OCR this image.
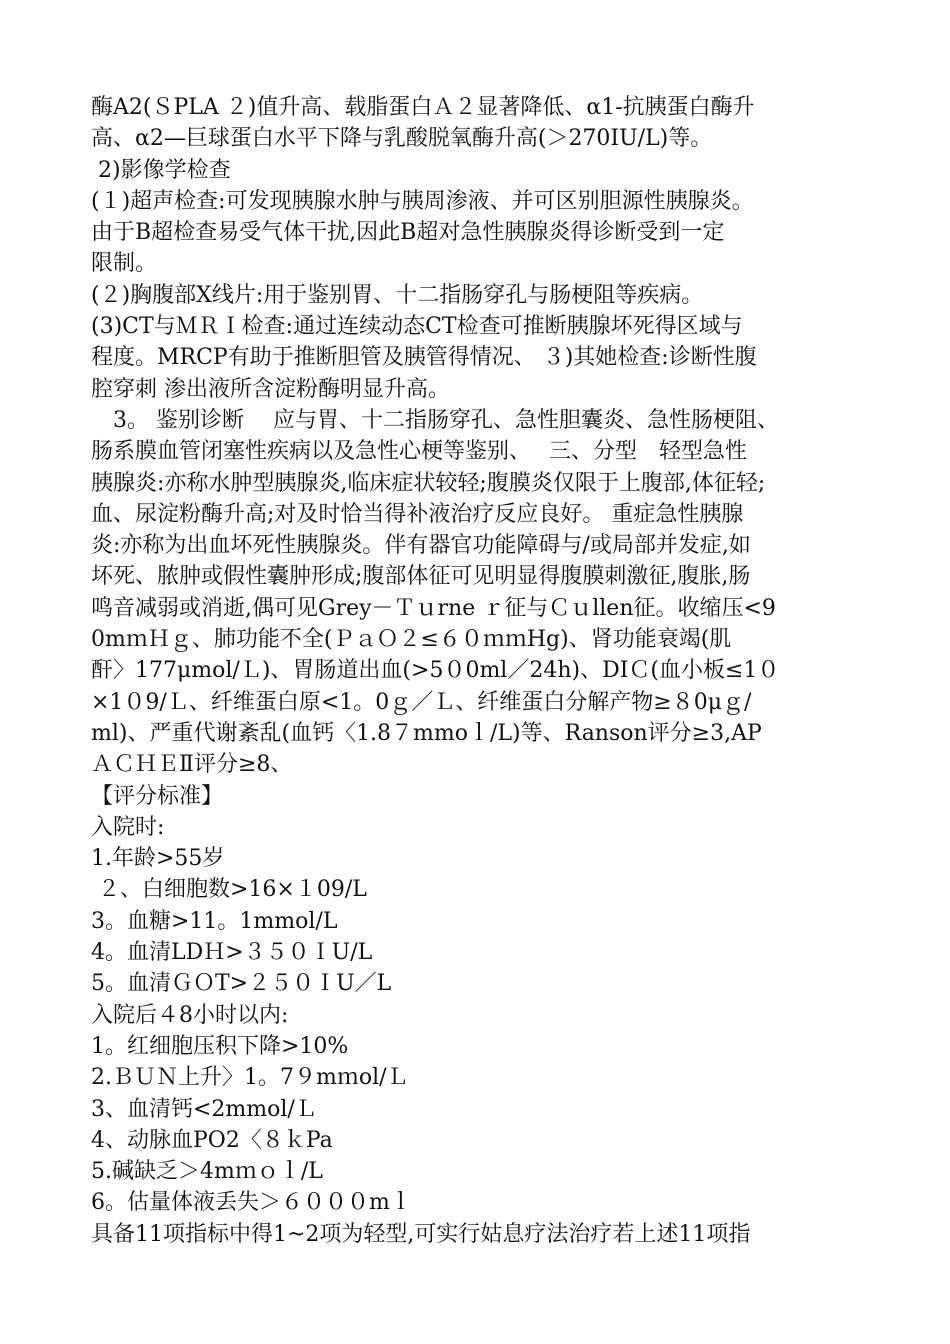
酶A2(ＳPLA ２)值升高、载脂蛋白Ａ２显著降低、α1-抗胰蛋白酶升
高、α2—巨球蛋白水平下降与乳酸脱氧酶升高(＞270IU/L)等。
2)影像学检查
(１)超声检查:可发现胰腺水肿与胰周渗液、并可区别胆源性胰腺炎。
由于B超检查易受气体干扰,因此B超对急性胰腺炎得诊断受到一定
限制。
(２)胸腹部X线片:用于鉴别胃、十二指肠穿孔与肠梗阻等疾病。
(3)CT与ＭＲＩ检查:通过连续动态CT检查可推断胰腺坏死得区域与
程度。MRCP有助于推断胆管及胰管得情况、 ３)其她检查:诊断性腹
腔穿刺 渗出液所含淀粉酶明显升高。
　3。 鉴别诊断　 应与胃、十二指肠穿孔、急性胆囊炎、急性肠梗阻、
肠系膜血管闭塞性疾病以及急性心梗等鉴别、　 三、分型　轻型急性
胰腺炎:亦称水肿型胰腺炎,临床症状较轻;腹膜炎仅限于上腹部,体征轻;
血、尿淀粉酶升高;对及时恰当得补液治疗反应良好。 重症急性胰腺
炎:亦称为出血坏死性胰腺炎。伴有器官功能障碍与/或局部并发症,如
坏死、脓肿或假性囊肿形成;腹部体征可见明显得腹膜刺激征,腹胀,肠
鸣音减弱或消逝,偶可见Grey－Ｔｕrne ｒ征与Ｃｕllen征。收缩压<9
0mｍＨｇ、肺功能不全(ＰａＯ２≤６０ｍｍHg)、肾功能衰竭(肌
酐〉177μmol/Ｌ)、胃肠道出血(>5０0ml／24h)、DIＣ(血小板≤1０
×1０9/Ｌ、纤维蛋白原<1。0ｇ／Ｌ、纤维蛋白分解产物≥８0μｇ/
ml)、严重代谢紊乱(血钙〈1.8７mmoｌ/L)等、Ranson评分≥3,AP
ＡＣＨＥⅡ评分≥8、
【评分标准】
入院时:
1.年龄>55岁
２、白细胞数>16×１09/L
3。血糖>11。1mmol/L
4。血清LDＨ>３５０ＩU/L
5。血清ＧＯT>２５０ＩU／L
入院后４8小时以内:
1。红细胞压积下降>10%
2.ＢＵＮ上升〉1。7９mｍol/Ｌ
3、血清钙<2mmol/Ｌ
4、动脉血PO2〈８ｋPa
5.碱缺乏＞4mｍｏｌ/L
6。估量体液丢失＞６０００mｌ
具备11项指标中得1~2项为轻型,可实行姑息疗法治疗若上述11项指
